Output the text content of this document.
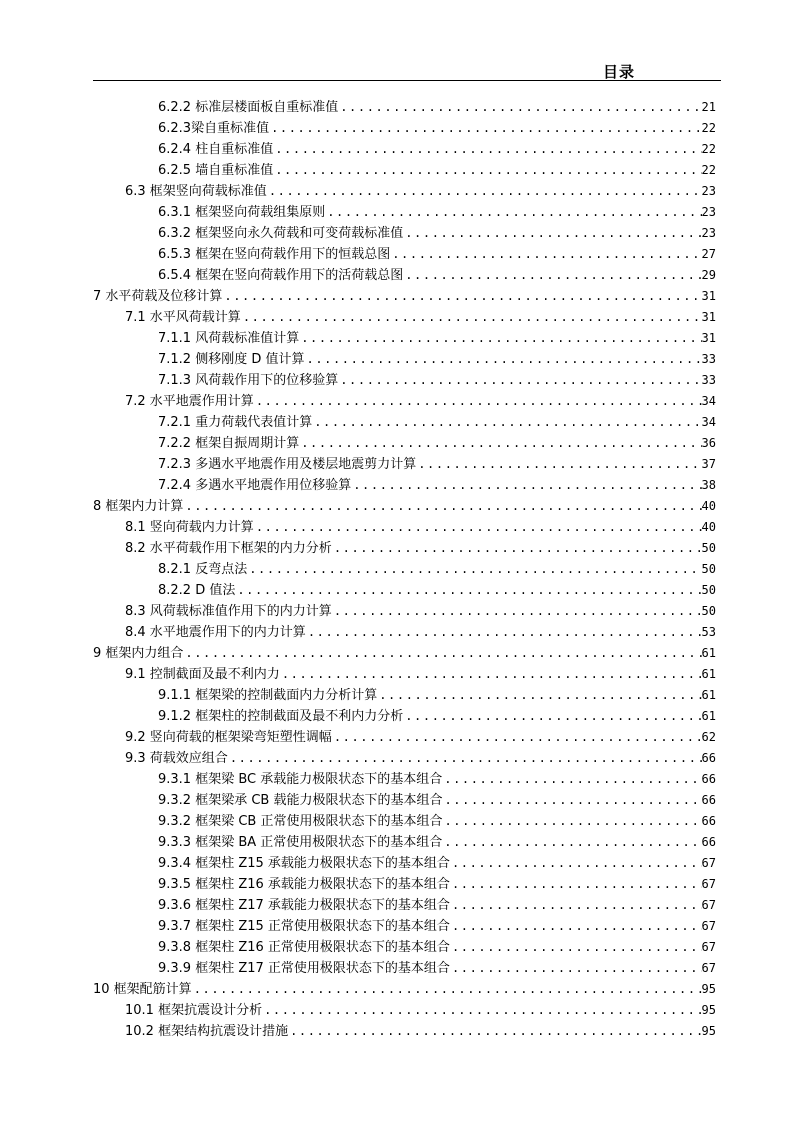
目录
6.2.2 标准层楼面板自重标准值 .....	21
6.2.3梁自重标准值 .....	22
6.2.4 柱自重标准值 .....	22
6.2.5 墙自重标准值 .....	22
6.3 框架竖向荷载标准值 .....	23
6.3.1 框架竖向荷载组集原则 .....	23
6.3.2 框架竖向永久荷载和可变荷载标准值 .....	23
6.5.3 框架在竖向荷载作用下的恒载总图 .....	27
6.5.4 框架在竖向荷载作用下的活荷载总图 .....	29
7 水平荷载及位移计算 .....	31
7.1 水平风荷载计算 .....	31
7.1.1 风荷载标准值计算 .....	31
7.1.2 侧移刚度 D 值计算 .....	33
7.1.3 风荷载作用下的位移验算 .....	33
7.2 水平地震作用计算 .....	34
7.2.1 重力荷载代表值计算 .....	34
7.2.2 框架自振周期计算 .....	36
7.2.3 多遇水平地震作用及楼层地震剪力计算 .....	37
7.2.4 多遇水平地震作用位移验算 .....	38
8 框架内力计算 .....	40
8.1 竖向荷载内力计算 .....	40
8.2 水平荷载作用下框架的内力分析 .....	50
8.2.1 反弯点法 .....	50
8.2.2 D 值法 .....	50
8.3 风荷载标准值作用下的内力计算 .....	50
8.4 水平地震作用下的内力计算 .....	53
9 框架内力组合 .....	61
9.1 控制截面及最不利内力 .....	61
9.1.1 框架梁的控制截面内力分析计算 .....	61
9.1.2 框架柱的控制截面及最不利内力分析 .....	61
9.2 竖向荷载的框架梁弯矩塑性调幅 .....	62
9.3 荷载效应组合 .....	66
9.3.1 框架梁 BC 承载能力极限状态下的基本组合 .....	66
9.3.2 框架梁承 CB 载能力极限状态下的基本组合 .....	66
9.3.2 框架梁 CB 正常使用极限状态下的基本组合 .....	66
9.3.3 框架梁 BA 正常使用极限状态下的基本组合 .....	66
9.3.4 框架柱 Z15 承载能力极限状态下的基本组合 .....	67
9.3.5 框架柱 Z16 承载能力极限状态下的基本组合 .....	67
9.3.6 框架柱 Z17 承载能力极限状态下的基本组合 .....	67
9.3.7 框架柱 Z15 正常使用极限状态下的基本组合 .....	67
9.3.8 框架柱 Z16 正常使用极限状态下的基本组合 .....	67
9.3.9 框架柱 Z17 正常使用极限状态下的基本组合 .....	67
10 框架配筋计算 .....	95
10.1 框架抗震设计分析 .....	95
10.2 框架结构抗震设计措施 .....	95
